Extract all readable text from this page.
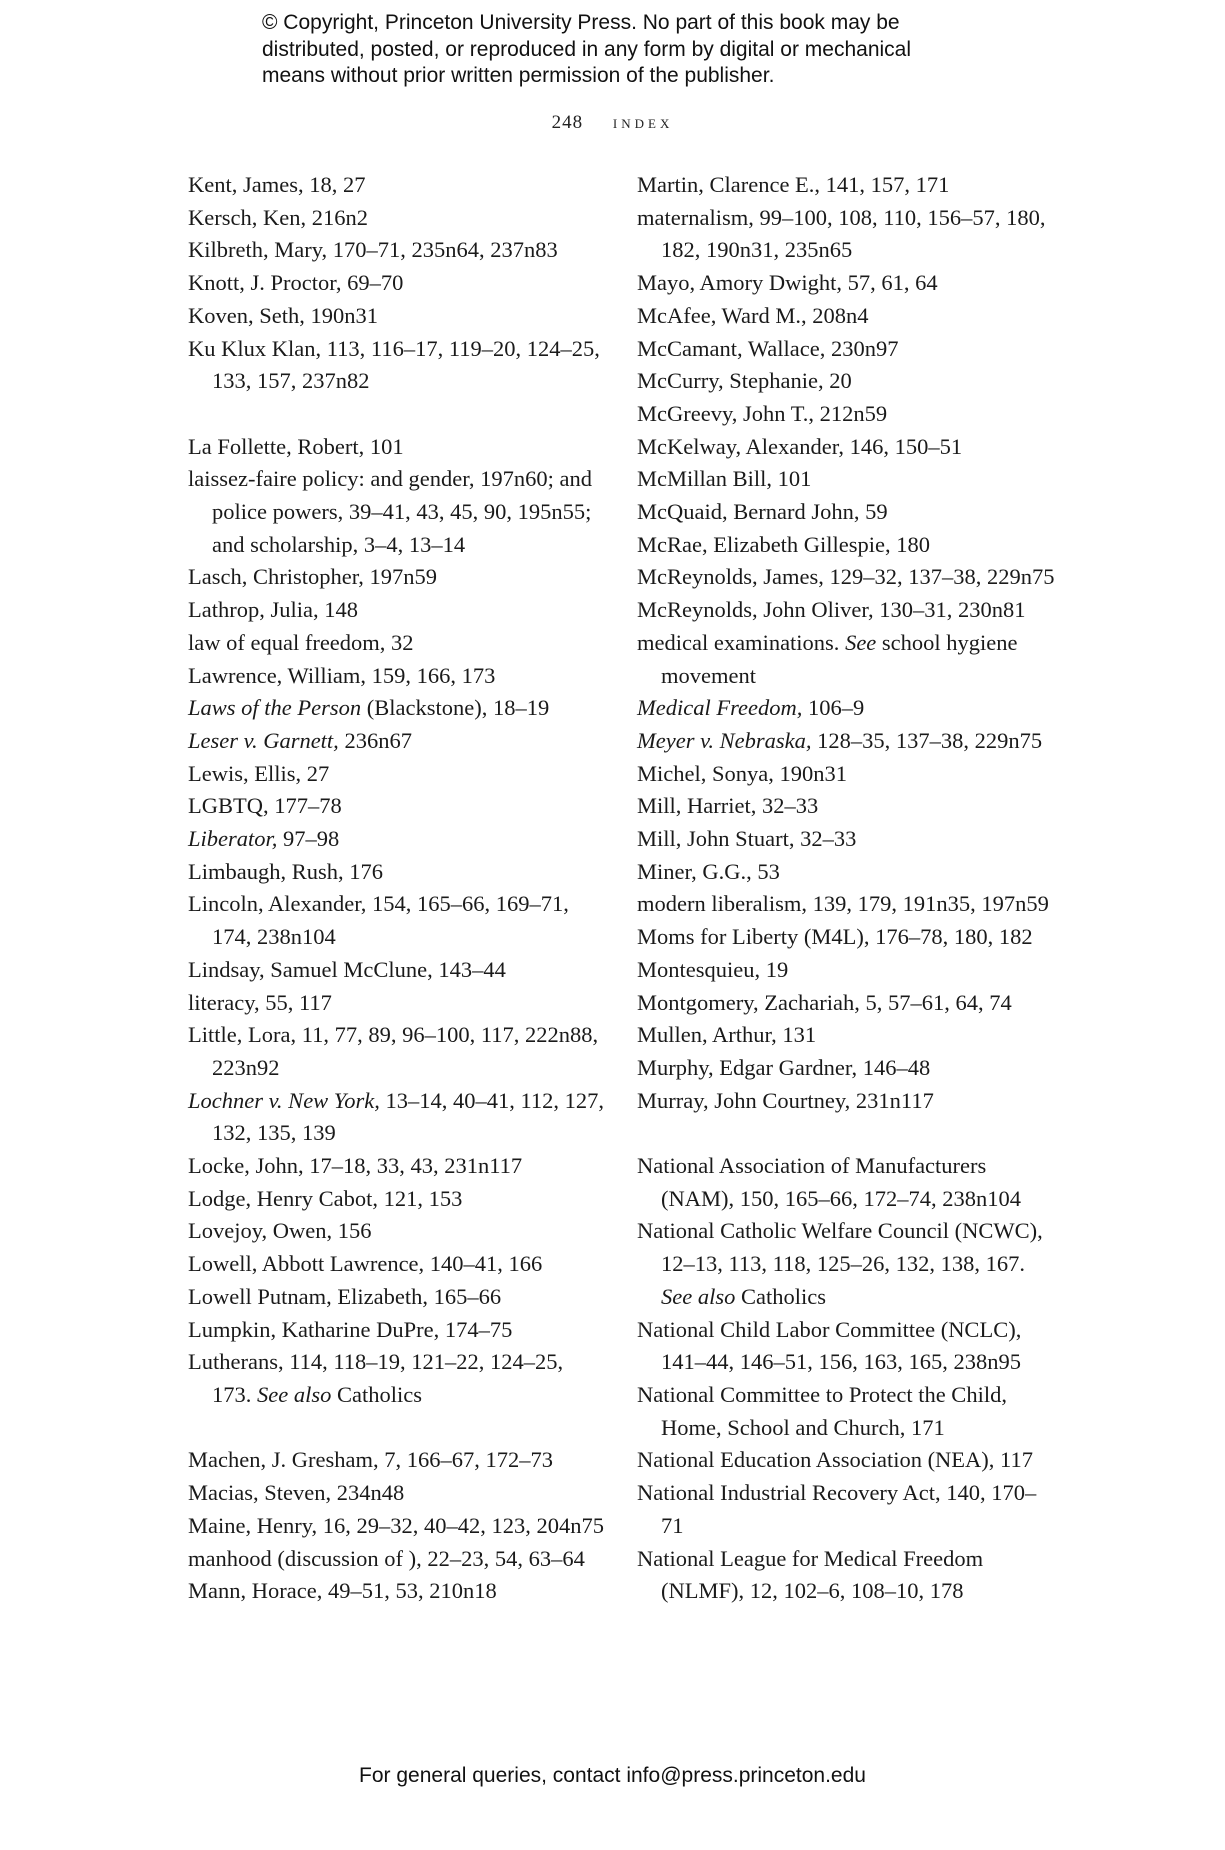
© Copyright, Princeton University Press. No part of this book may be
distributed, posted, or reproduced in any form by digital or mechanical
means without prior written permission of the publisher.
248 index
Kent, James, 18, 27
Kersch, Ken, 216n2
Kilbreth, Mary, 170–71, 235n64, 237n83
Knott, J. Proctor, 69–70
Koven, Seth, 190n31
Ku Klux Klan, 113, 116–17, 119–20, 124–25, 133, 157, 237n82
La Follette, Robert, 101
laissez-faire policy: and gender, 197n60; and police powers, 39–41, 43, 45, 90, 195n55; and scholarship, 3–4, 13–14
Lasch, Christopher, 197n59
Lathrop, Julia, 148
law of equal freedom, 32
Lawrence, William, 159, 166, 173
Laws of the Person (Blackstone), 18–19
Leser v. Garnett, 236n67
Lewis, Ellis, 27
LGBTQ, 177–78
Liberator, 97–98
Limbaugh, Rush, 176
Lincoln, Alexander, 154, 165–66, 169–71, 174, 238n104
Lindsay, Samuel McClune, 143–44
literacy, 55, 117
Little, Lora, 11, 77, 89, 96–100, 117, 222n88, 223n92
Lochner v. New York, 13–14, 40–41, 112, 127, 132, 135, 139
Locke, John, 17–18, 33, 43, 231n117
Lodge, Henry Cabot, 121, 153
Lovejoy, Owen, 156
Lowell, Abbott Lawrence, 140–41, 166
Lowell Putnam, Elizabeth, 165–66
Lumpkin, Katharine DuPre, 174–75
Lutherans, 114, 118–19, 121–22, 124–25, 173. See also Catholics
Machen, J. Gresham, 7, 166–67, 172–73
Macias, Steven, 234n48
Maine, Henry, 16, 29–32, 40–42, 123, 204n75
manhood (discussion of ), 22–23, 54, 63–64
Mann, Horace, 49–51, 53, 210n18
Martin, Clarence E., 141, 157, 171
maternalism, 99–100, 108, 110, 156–57, 180, 182, 190n31, 235n65
Mayo, Amory Dwight, 57, 61, 64
McAfee, Ward M., 208n4
McCamant, Wallace, 230n97
McCurry, Stephanie, 20
McGreevy, John T., 212n59
McKelway, Alexander, 146, 150–51
McMillan Bill, 101
McQuaid, Bernard John, 59
McRae, Elizabeth Gillespie, 180
McReynolds, James, 129–32, 137–38, 229n75
McReynolds, John Oliver, 130–31, 230n81
medical examinations. See school hygiene movement
Medical Freedom, 106–9
Meyer v. Nebraska, 128–35, 137–38, 229n75
Michel, Sonya, 190n31
Mill, Harriet, 32–33
Mill, John Stuart, 32–33
Miner, G.G., 53
modern liberalism, 139, 179, 191n35, 197n59
Moms for Liberty (M4L), 176–78, 180, 182
Montesquieu, 19
Montgomery, Zachariah, 5, 57–61, 64, 74
Mullen, Arthur, 131
Murphy, Edgar Gardner, 146–48
Murray, John Courtney, 231n117
National Association of Manufacturers (NAM), 150, 165–66, 172–74, 238n104
National Catholic Welfare Council (NCWC), 12–13, 113, 118, 125–26, 132, 138, 167. See also Catholics
National Child Labor Committee (NCLC), 141–44, 146–51, 156, 163, 165, 238n95
National Committee to Protect the Child, Home, School and Church, 171
National Education Association (NEA), 117
National Industrial Recovery Act, 140, 170–71
National League for Medical Freedom (NLMF), 12, 102–6, 108–10, 178
For general queries, contact info@press.princeton.edu
